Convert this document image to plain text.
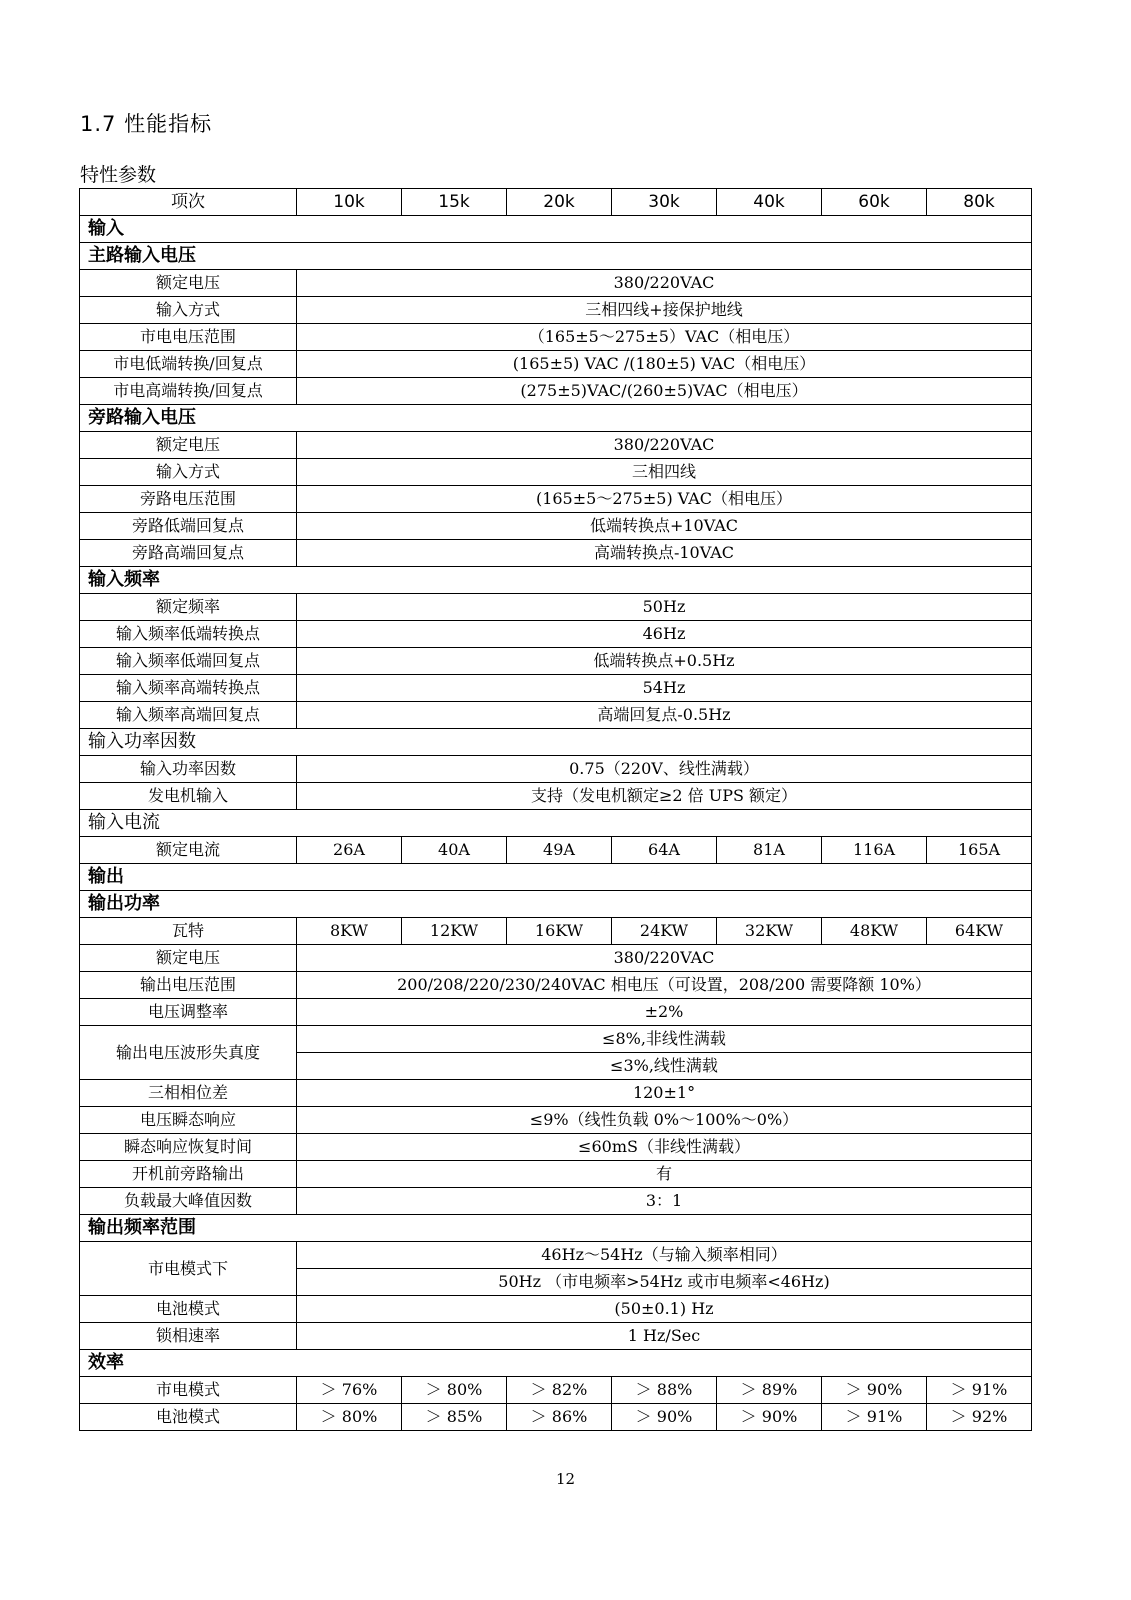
1.7 性能指标
特性参数
项次	10k	15k	20k	30k	40k	60k	80k
输入							
主路输入电压							
额定电压	380/220VAC						
输入方式	三相四线+接保护地线						
市电电压范围	（165±5～275±5）VAC（相电压）						
市电低端转换/回复点	(165±5) VAC /(180±5) VAC（相电压）						
市电高端转换/回复点	(275±5)VAC/(260±5)VAC（相电压）						
旁路输入电压							
额定电压	380/220VAC						
输入方式	三相四线						
旁路电压范围	(165±5～275±5) VAC（相电压）						
旁路低端回复点	低端转换点+10VAC						
旁路高端回复点	高端转换点-10VAC						
输入频率							
额定频率	50Hz						
输入频率低端转换点	46Hz						
输入频率低端回复点	低端转换点+0.5Hz						
输入频率高端转换点	54Hz						
输入频率高端回复点	高端回复点-0.5Hz						
输入功率因数							
输入功率因数	0.75（220V、线性满载）						
发电机输入	支持（发电机额定≥2 倍 UPS 额定）						
输入电流							
额定电流	26A	40A	49A	64A	81A	116A	165A
输出							
输出功率							
瓦特	8KW	12KW	16KW	24KW	32KW	48KW	64KW
额定电压	380/220VAC						
输出电压范围	200/208/220/230/240VAC 相电压（可设置，208/200 需要降额 10%）						
电压调整率	±2%						
输出电压波形失真度	≤8%,非线性满载						
	≤3%,线性满载						
三相相位差	120±1°						
电压瞬态响应	≤9%（线性负载 0%～100%～0%）						
瞬态响应恢复时间	≤60mS（非线性满载）						
开机前旁路输出	有						
负载最大峰值因数	3：1						
输出频率范围							
市电模式下	46Hz～54Hz（与输入频率相同）						
	50Hz （市电频率>54Hz 或市电频率<46Hz)						
电池模式	(50±0.1) Hz						
锁相速率	1 Hz/Sec						
效率							
市电模式	＞ 76%	＞ 80%	＞ 82%	＞ 88%	＞ 89%	＞ 90%	＞ 91%
电池模式	＞ 80%	＞ 85%	＞ 86%	＞ 90%	＞ 90%	＞ 91%	＞ 92%
12
